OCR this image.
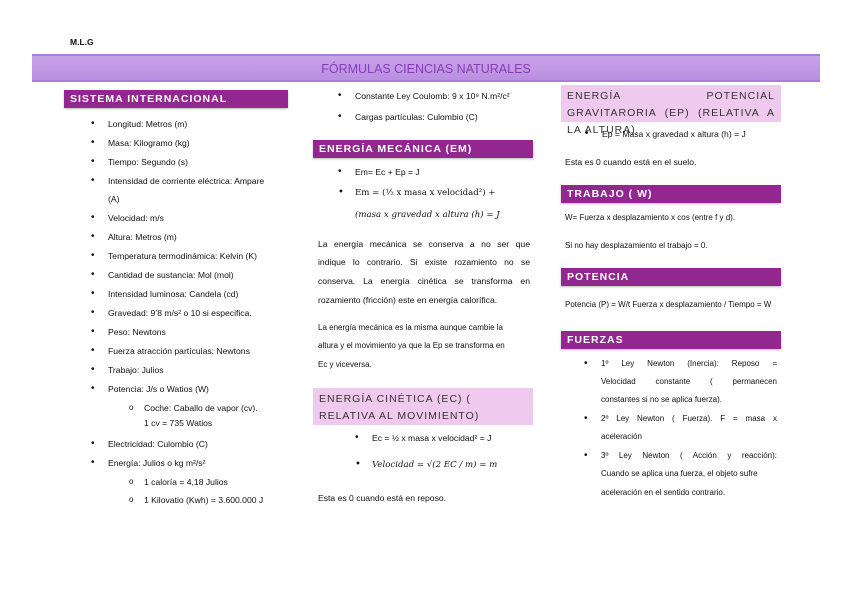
M.L.G
FÓRMULAS CIENCIAS NATURALES
SISTEMA INTERNACIONAL
• Longitud: Metros (m)
• Masa: Kilogramo (kg)
• Tiempo: Segundo (s)
• Intensidad de corriente eléctrica: Ampare
(A)
• Velocidad: m/s
• Altura: Metros (m)
• Temperatura termodinámica: Kelvin (K)
• Cantidad de sustancia: Mol (mol)
• Intensidad luminosa: Candela (cd)
• Gravedad: 9’8 m/s² o 10 si especifica.
• Peso: Newtons
• Fuerza atracción partículas: Newtons
• Trabajo: Julios
• Potencia: J/s o Watios (W)
o Coche: Caballo de vapor (cv).
1 cv = 735 Watios
• Electricidad: Culombio (C)
• Energía: Julios o kg m²/s²
o 1 caloría = 4,18 Julios
o 1 Kilovatio (Kwh) = 3.600.000 J
• Constante Ley Coulomb: 9 x 10⁹ N.m²/c²
• Cargas partículas: Culombio (C)
ENERGÍA MECÁNICA (EM)
• Em= Ec + Ep = J
• Em = (½ x masa x velocidad²) +
(masa x gravedad x altura (h) = J
La energía mecánica se conserva a no ser que
indique lo contrario. Si existe rozamiento no se
conserva. La energía cinética se transforma en
rozamiento (fricción) este en energía calorífica.
La energía mecánica es la misma aunque cambie la
altura y el movimiento ya que la Ep se transforma en
Ec y viceversa.
ENERGÍA CINÉTICA (EC) ( RELATIVA AL MOVIMIENTO)
• Ec = ½ x masa x velocidad² = J
• Velocidad = √(2 EC / m) = m
Esta es 0 cuando está en reposo.
ENERGÍA POTENCIAL GRAVITARORIA (EP) (RELATIVA A LA ALTURA)
• Ep = Masa x gravedad x altura (h) = J
Esta es 0 cuando está en el suelo.
TRABAJO ( W)
W= Fuerza x desplazamiento x cos (entre f y d).
Si no hay desplazamiento el trabajo = 0.
POTENCIA
Potencia (P) = W/t Fuerza x desplazamiento / Tiempo = W
FUERZAS
• 1º Ley Newton (Inercia): Reposo =
Velocidad constante ( permanecen
constantes si no se aplica fuerza).
• 2º Ley Newton ( Fuerza). F = masa x
aceleración
• 3º Ley Newton ( Acción y reacción):
Cuando se aplica una fuerza, el objeto sufre
aceleración en el sentido contrario.
